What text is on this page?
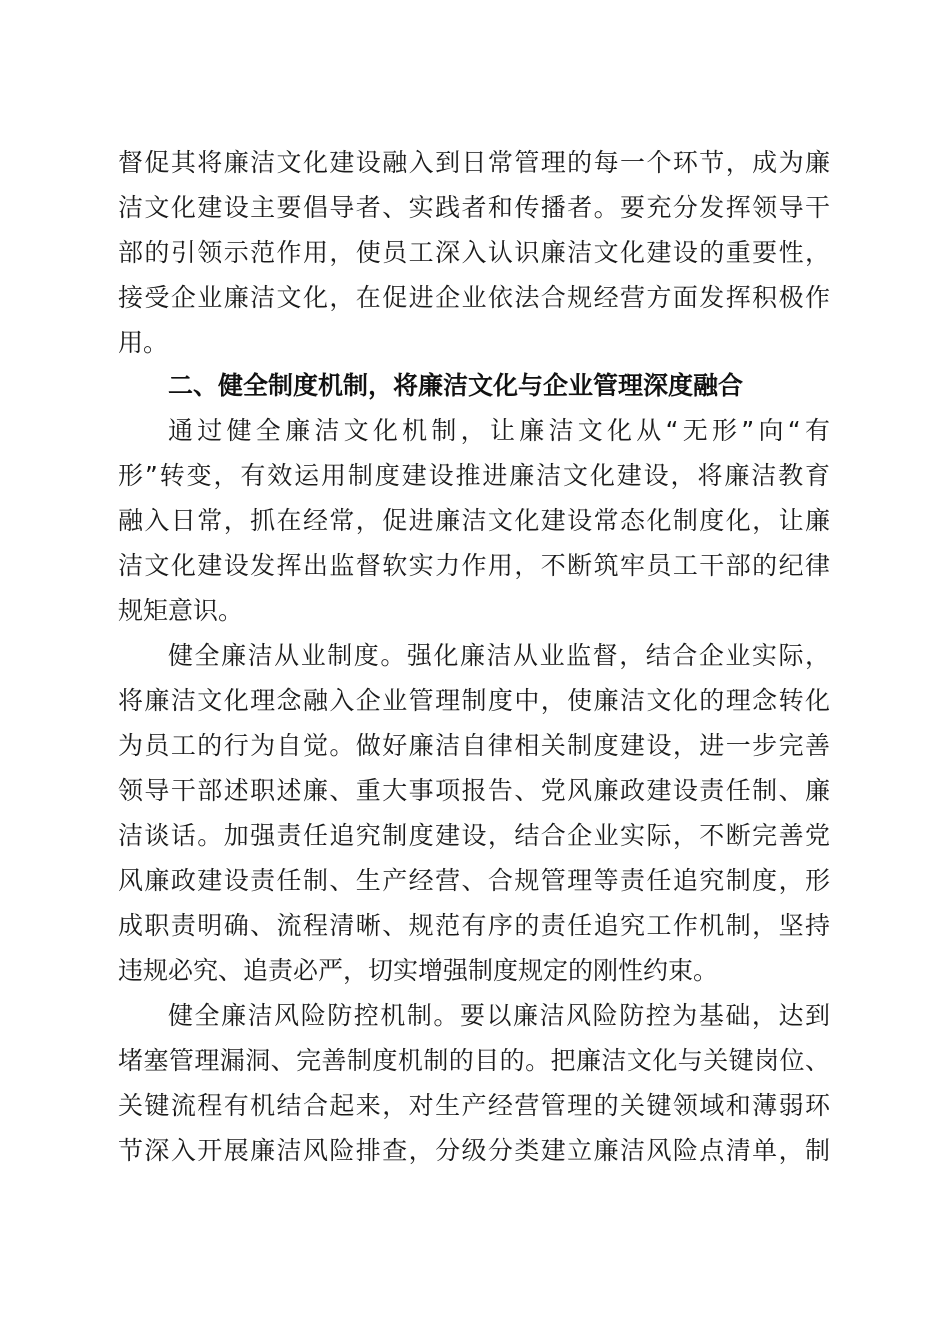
督促其将廉洁文化建设融入到日常管理的每一个环节，成为廉
洁文化建设主要倡导者、实践者和传播者。要充分发挥领导干
部的引领示范作用，使员工深入认识廉洁文化建设的重要性，
接受企业廉洁文化，在促进企业依法合规经营方面发挥积极作
用。
二、健全制度机制，将廉洁文化与企业管理深度融合
通过健全廉洁文化机制，让廉洁文化从“无形”向“有
形”转变，有效运用制度建设推进廉洁文化建设，将廉洁教育
融入日常，抓在经常，促进廉洁文化建设常态化制度化，让廉
洁文化建设发挥出监督软实力作用，不断筑牢员工干部的纪律
规矩意识。
健全廉洁从业制度。强化廉洁从业监督，结合企业实际，
将廉洁文化理念融入企业管理制度中，使廉洁文化的理念转化
为员工的行为自觉。做好廉洁自律相关制度建设，进一步完善
领导干部述职述廉、重大事项报告、党风廉政建设责任制、廉
洁谈话。加强责任追究制度建设，结合企业实际，不断完善党
风廉政建设责任制、生产经营、合规管理等责任追究制度，形
成职责明确、流程清晰、规范有序的责任追究工作机制，坚持
违规必究、追责必严，切实增强制度规定的刚性约束。
健全廉洁风险防控机制。要以廉洁风险防控为基础，达到
堵塞管理漏洞、完善制度机制的目的。把廉洁文化与关键岗位、
关键流程有机结合起来，对生产经营管理的关键领域和薄弱环
节深入开展廉洁风险排查，分级分类建立廉洁风险点清单，制
